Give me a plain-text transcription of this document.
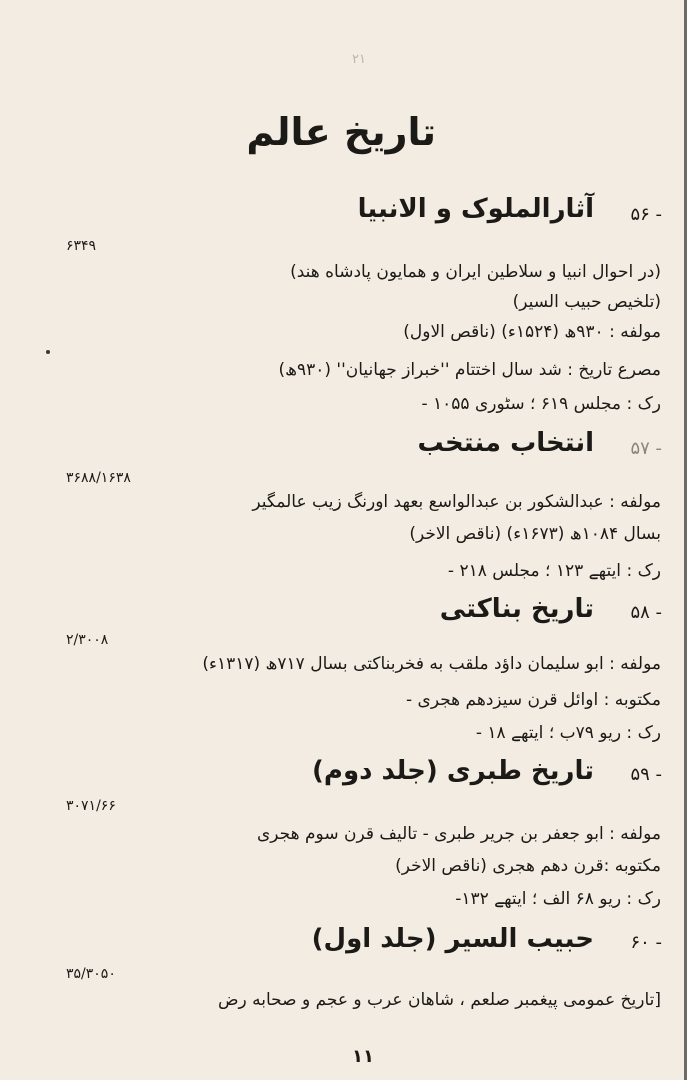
۲۱
تاریخ عالم
۵۶ -
آثارالملوک و الانبیا
۶۳۴۹
(در احوال انبیا و سلاطین ایران و همایون پادشاه هند)
(تلخیص حبیب السیر)
مولفه : ۹۳۰ھ (۱۵۲۴ء) (ناقص الاول)
مصرع تاریخ : شد سال اختتام ''خبراز جهانیان'' (۹۳۰ھ)
رک : مجلس ۶۱۹ ؛ سٹوری ۱۰۵۵ -
۵۷ -
انتخاب منتخب
۳۶۸۸/۱۶۳۸
مولفه : عبدالشکور بن عبدالواسع بعهد اورنگ زیب عالمگیر
بسال ۱۰۸۴ھ (۱۶۷۳ء) (ناقص الاخر)
رک : ایتھے ۱۲۳ ؛ مجلس ۲۱۸ -
۵۸ -
تاریخ بناکتی
۲/۳۰۰۸
مولفه : ابو سلیمان داؤد ملقب به فخربناکتی بسال ۷۱۷ھ (۱۳۱۷ء)
مکتوبه : اوائل قرن سیزدهم هجری -
رک : ریو ۷۹ب ؛ ایتھے ۱۸ -
۵۹ -
تاریخ طبری (جلد دوم)
۳۰۷۱/۶۶
مولفه : ابو جعفر بن جریر طبری - تالیف قرن سوم هجری
مکتوبه :قرن دهم هجری (ناقص الاخر)
رک : ریو ۶۸ الف ؛ ایتھے ۱۳۲-
۶۰ -
حبیب السیر (جلد اول)
۳۵/۳۰۵۰
[تاریخ عمومی پیغمبر صلعم ، شاهان عرب و عجم و صحابه رض
۱۱
